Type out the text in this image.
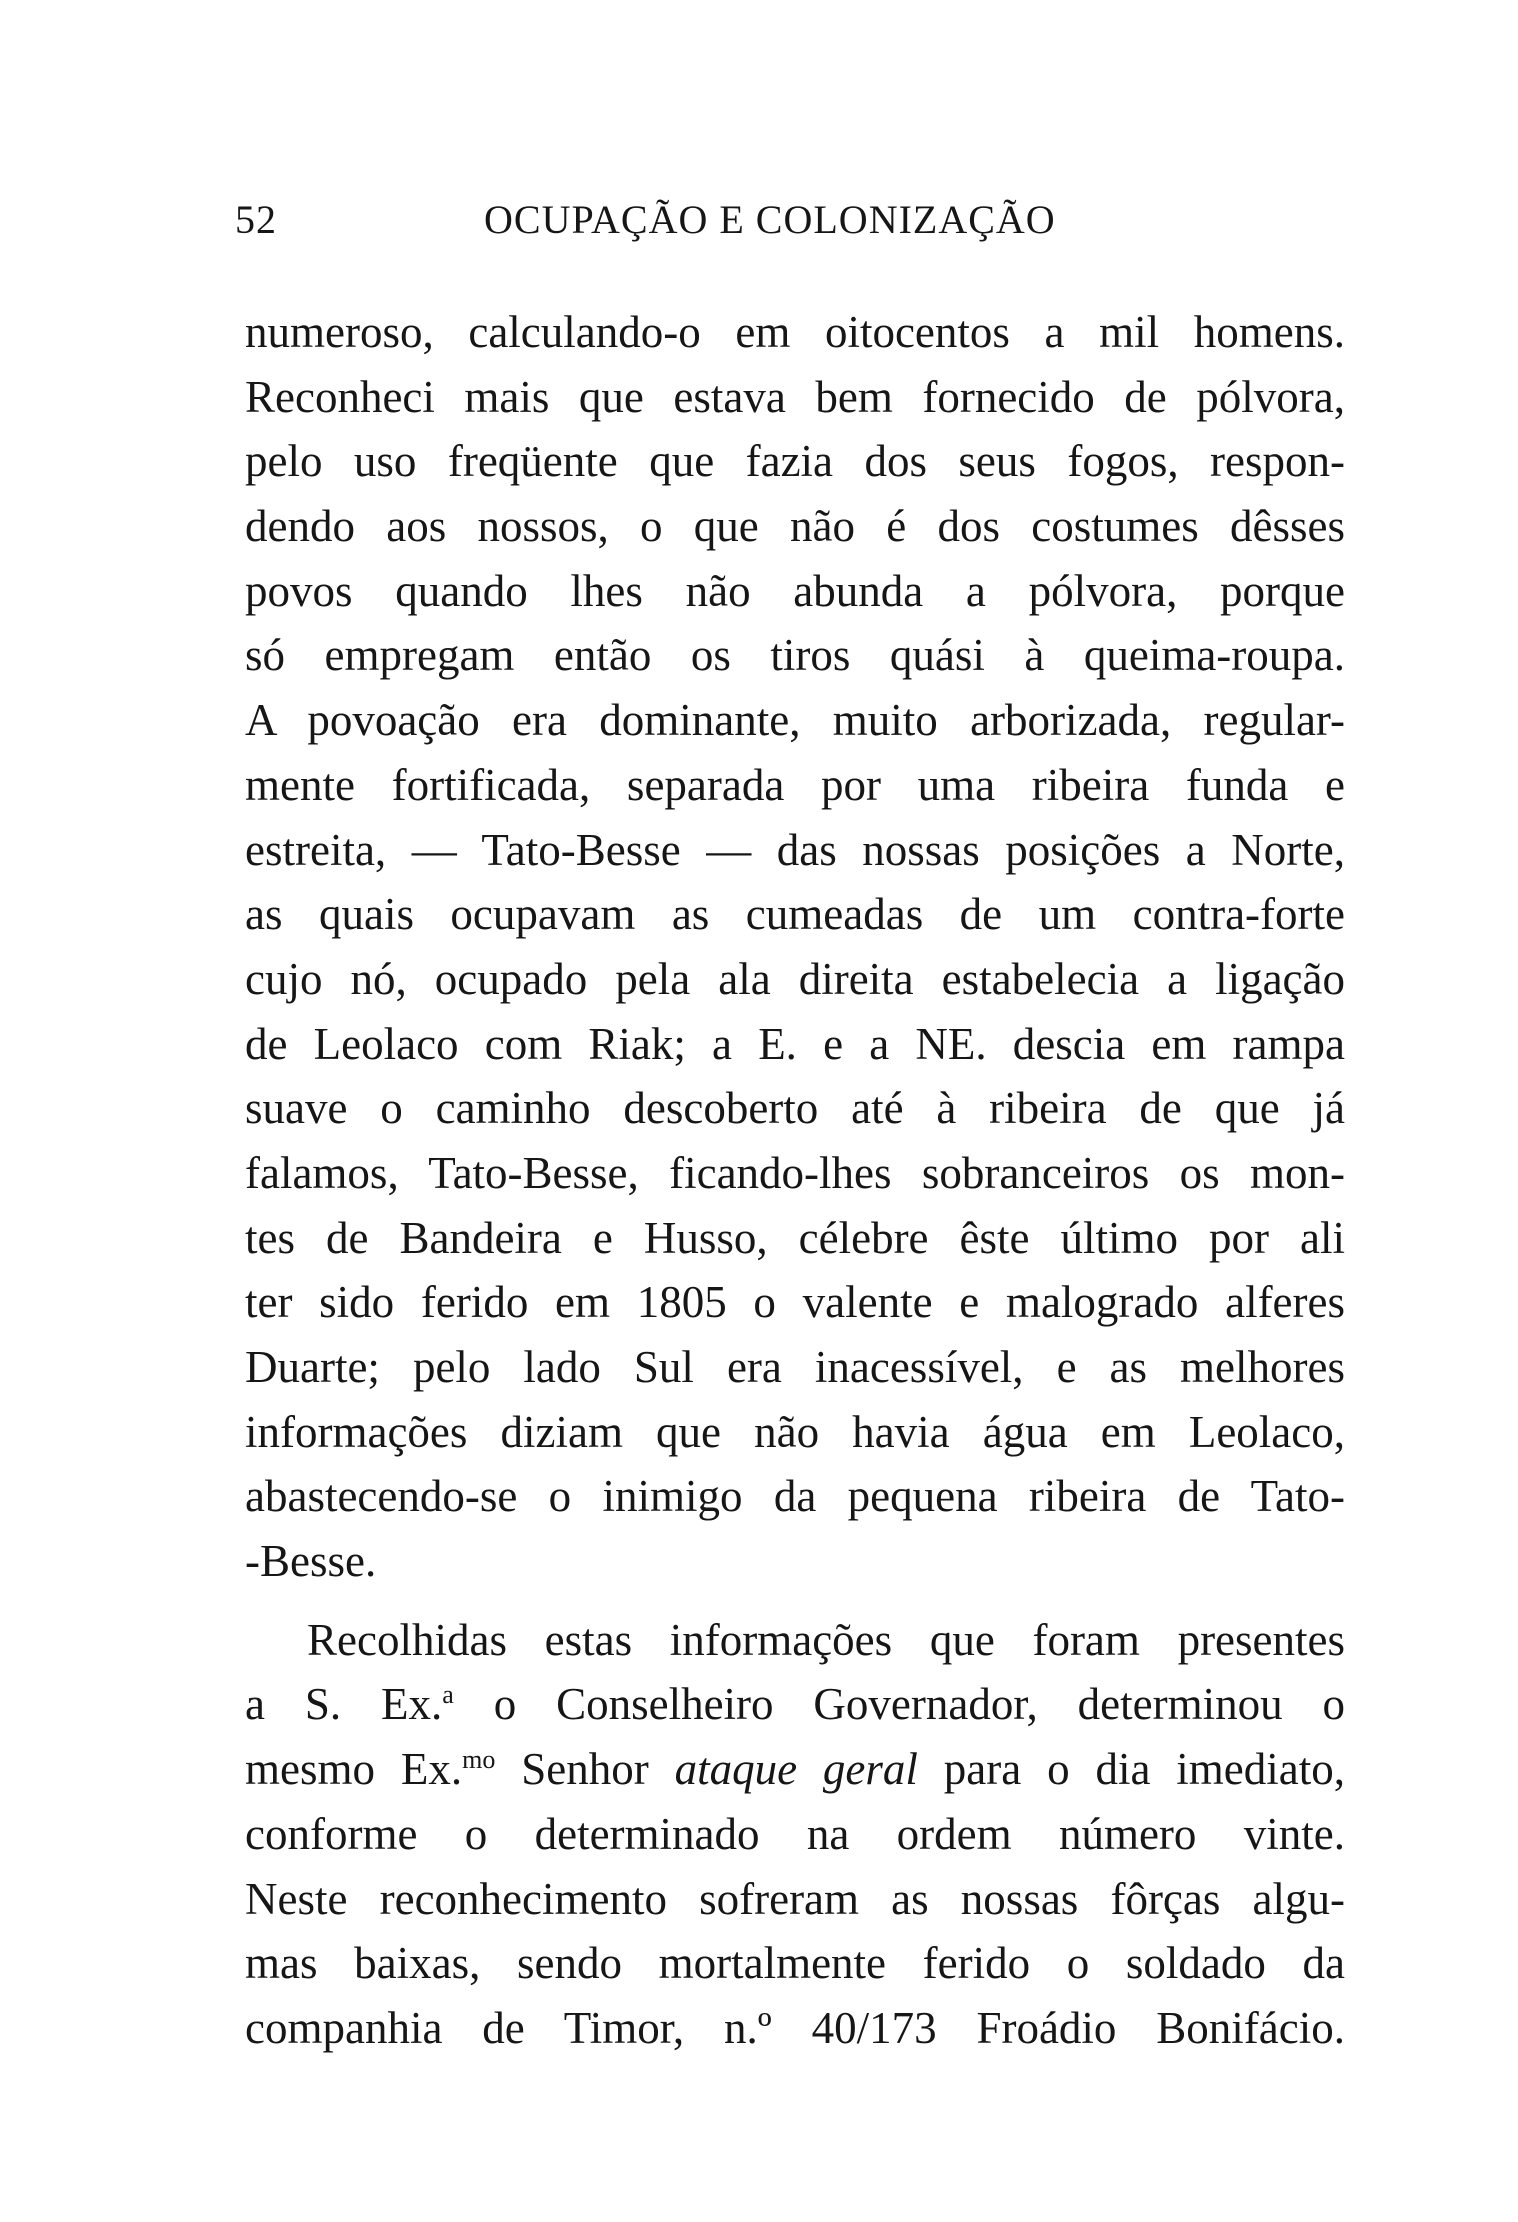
52	OCUPAÇÃO E COLONIZAÇÃO
numeroso, calculando-o em oitocentos a mil homens.
Reconheci mais que estava bem fornecido de pólvora,
pelo uso freqüente que fazia dos seus fogos, respon-
dendo aos nossos, o que não é dos costumes dêsses
povos quando lhes não abunda a pólvora, porque
só empregam então os tiros quási à queima-roupa.
A povoação era dominante, muito arborizada, regular-
mente fortificada, separada por uma ribeira funda e
estreita, — Tato-Besse — das nossas posições a Norte,
as quais ocupavam as cumeadas de um contra-forte
cujo nó, ocupado pela ala direita estabelecia a ligação
de Leolaco com Riak; a E. e a NE. descia em rampa
suave o caminho descoberto até à ribeira de que já
falamos, Tato-Besse, ficando-lhes sobranceiros os mon-
tes de Bandeira e Husso, célebre êste último por ali
ter sido ferido em 1805 o valente e malogrado alferes
Duarte; pelo lado Sul era inacessível, e as melhores
informações diziam que não havia água em Leolaco,
abastecendo-se o inimigo da pequena ribeira de Tato-
-Besse.
Recolhidas estas informações que foram presentes
a S. Ex.$^a$ o Conselheiro Governador, determinou o
mesmo Ex.$^{mo}$ Senhor ataque geral para o dia imediato,
conforme o determinado na ordem número vinte.
Neste reconhecimento sofreram as nossas fôrças algu-
mas baixas, sendo mortalmente ferido o soldado da
companhia de Timor, n.º 40/173 Froádio Bonifácio.
